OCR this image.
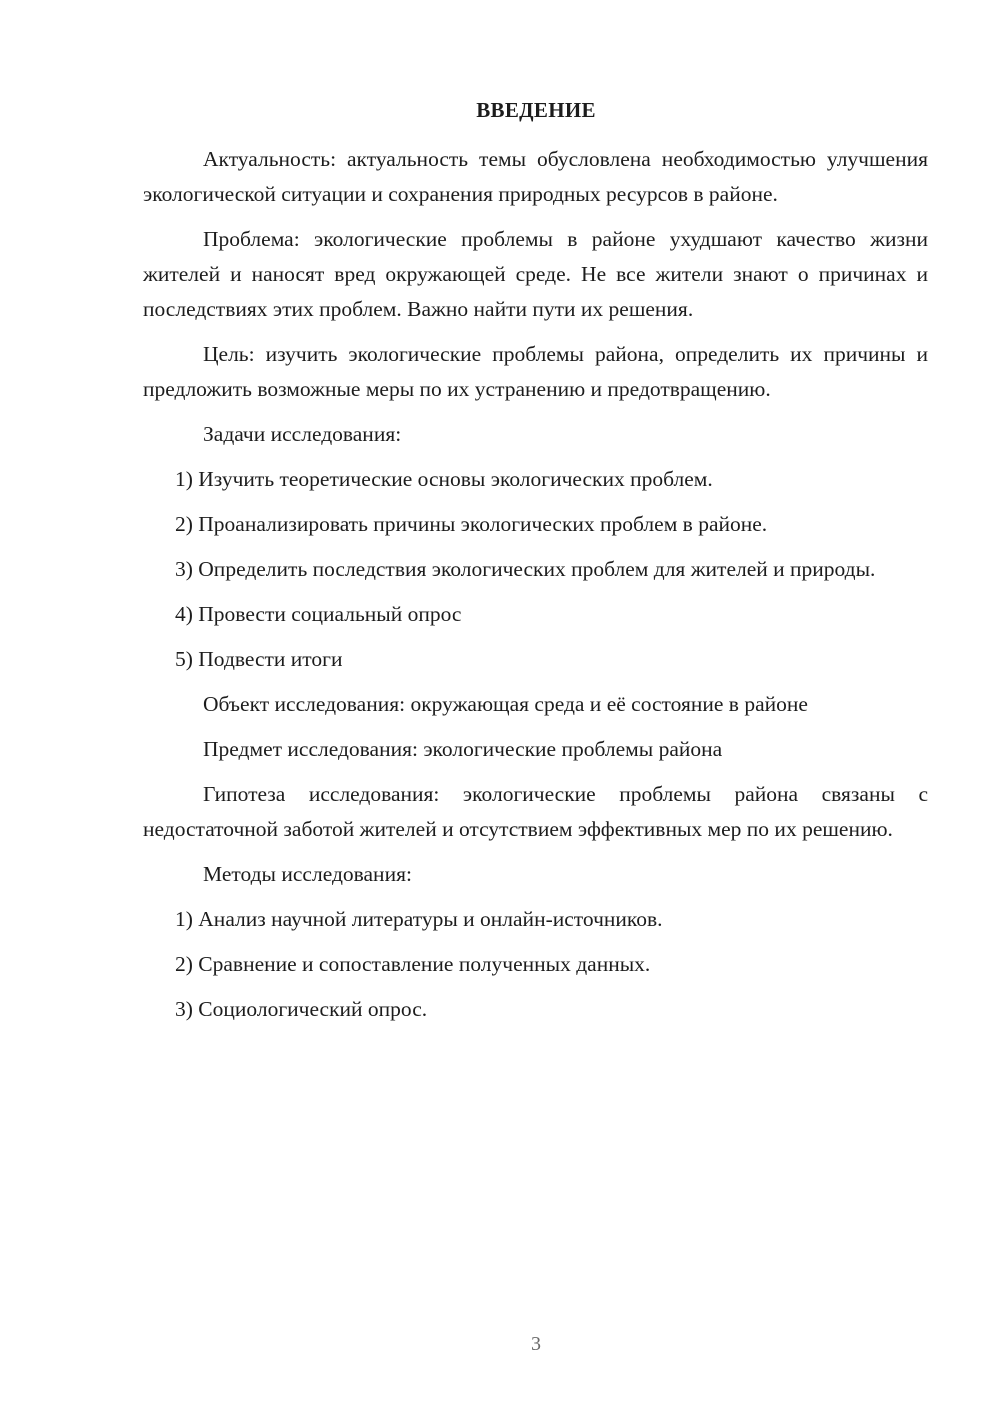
ВВЕДЕНИЕ

Актуальность: актуальность темы обусловлена необходимостью улучшения экологической ситуации и сохранения природных ресурсов в районе.

Проблема: экологические проблемы в районе ухудшают качество жизни жителей и наносят вред окружающей среде. Не все жители знают о причинах и последствиях этих проблем. Важно найти пути их решения.

Цель: изучить экологические проблемы района, определить их причины и предложить возможные меры по их устранению и предотвращению.

Задачи исследования:

1) Изучить теоретические основы экологических проблем.

2) Проанализировать причины экологических проблем в районе.

3) Определить последствия экологических проблем для жителей и природы.

4) Провести социальный опрос

5) Подвести итоги

Объект исследования: окружающая среда и её состояние в районе

Предмет исследования: экологические проблемы района

Гипотеза исследования: экологические проблемы района связаны с недостаточной заботой жителей и отсутствием эффективных мер по их решению.

Методы исследования:

1) Анализ научной литературы и онлайн-источников.

2) Сравнение и сопоставление полученных данных.

3) Социологический опрос.

3
